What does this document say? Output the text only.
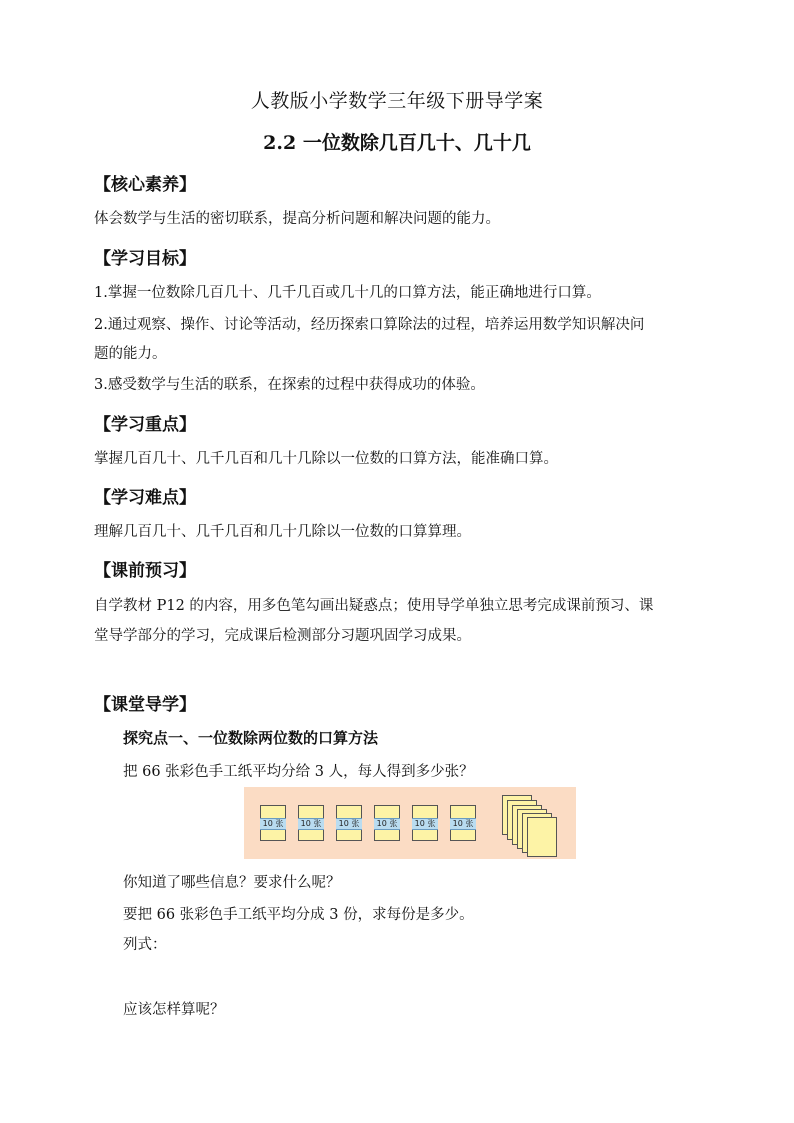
人教版小学数学三年级下册导学案
2.2 一位数除几百几十、几十几
【核心素养】
体会数学与生活的密切联系，提高分析问题和解决问题的能力。
【学习目标】
1.掌握一位数除几百几十、几千几百或几十几的口算方法，能正确地进行口算。
2.通过观察、操作、讨论等活动，经历探索口算除法的过程，培养运用数学知识解决问
题的能力。
3.感受数学与生活的联系，在探索的过程中获得成功的体验。
【学习重点】
掌握几百几十、几千几百和几十几除以一位数的口算方法，能准确口算。
【学习难点】
理解几百几十、几千几百和几十几除以一位数的口算算理。
【课前预习】
自学教材 P12 的内容，用多色笔勾画出疑惑点；使用导学单独立思考完成课前预习、课
堂导学部分的学习，完成课后检测部分习题巩固学习成果。
【课堂导学】
探究点一、一位数除两位数的口算方法
把 66 张彩色手工纸平均分给 3 人，每人得到多少张？
10 张	10 张	10 张	10 张	10 张	10 张
你知道了哪些信息？要求什么呢？
要把 66 张彩色手工纸平均分成 3 份，求每份是多少。
列式：
应该怎样算呢？
